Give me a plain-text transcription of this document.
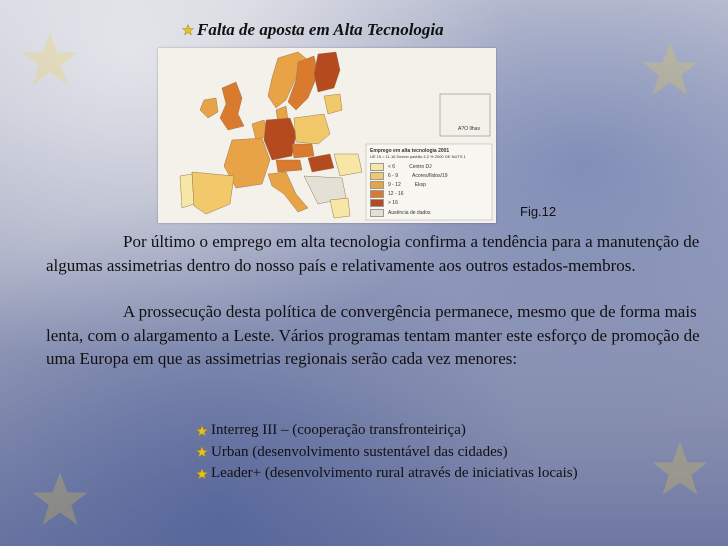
Falta de aposta em Alta Tecnologia
A?O Ilhas
Emprego em alta tecnologia 2001
UE 15 = 11.16 Desvio padrão 4,2 % 2000 GE NUTS 1
< 6	Centro DJ
6 - 9	Acores/Ilidos/19
9 - 12	Eksp
12 - 16
> 16
Ausência de dados	Fig.12

Por último o emprego em alta tecnologia confirma a tendência para a manutenção de algumas assimetrias dentro do nosso país e relativamente aos outros estados-membros.

A prossecução desta política de convergência permanece, mesmo que de forma mais lenta, com o alargamento a Leste. Vários programas tentam manter este esforço de promoção de uma Europa em que as assimetrias regionais serão cada vez menores:

Interreg III – (cooperação transfronteiriça)
Urban (desenvolvimento sustentável das cidades)
Leader+ (desenvolvimento rural através de iniciativas locais)
